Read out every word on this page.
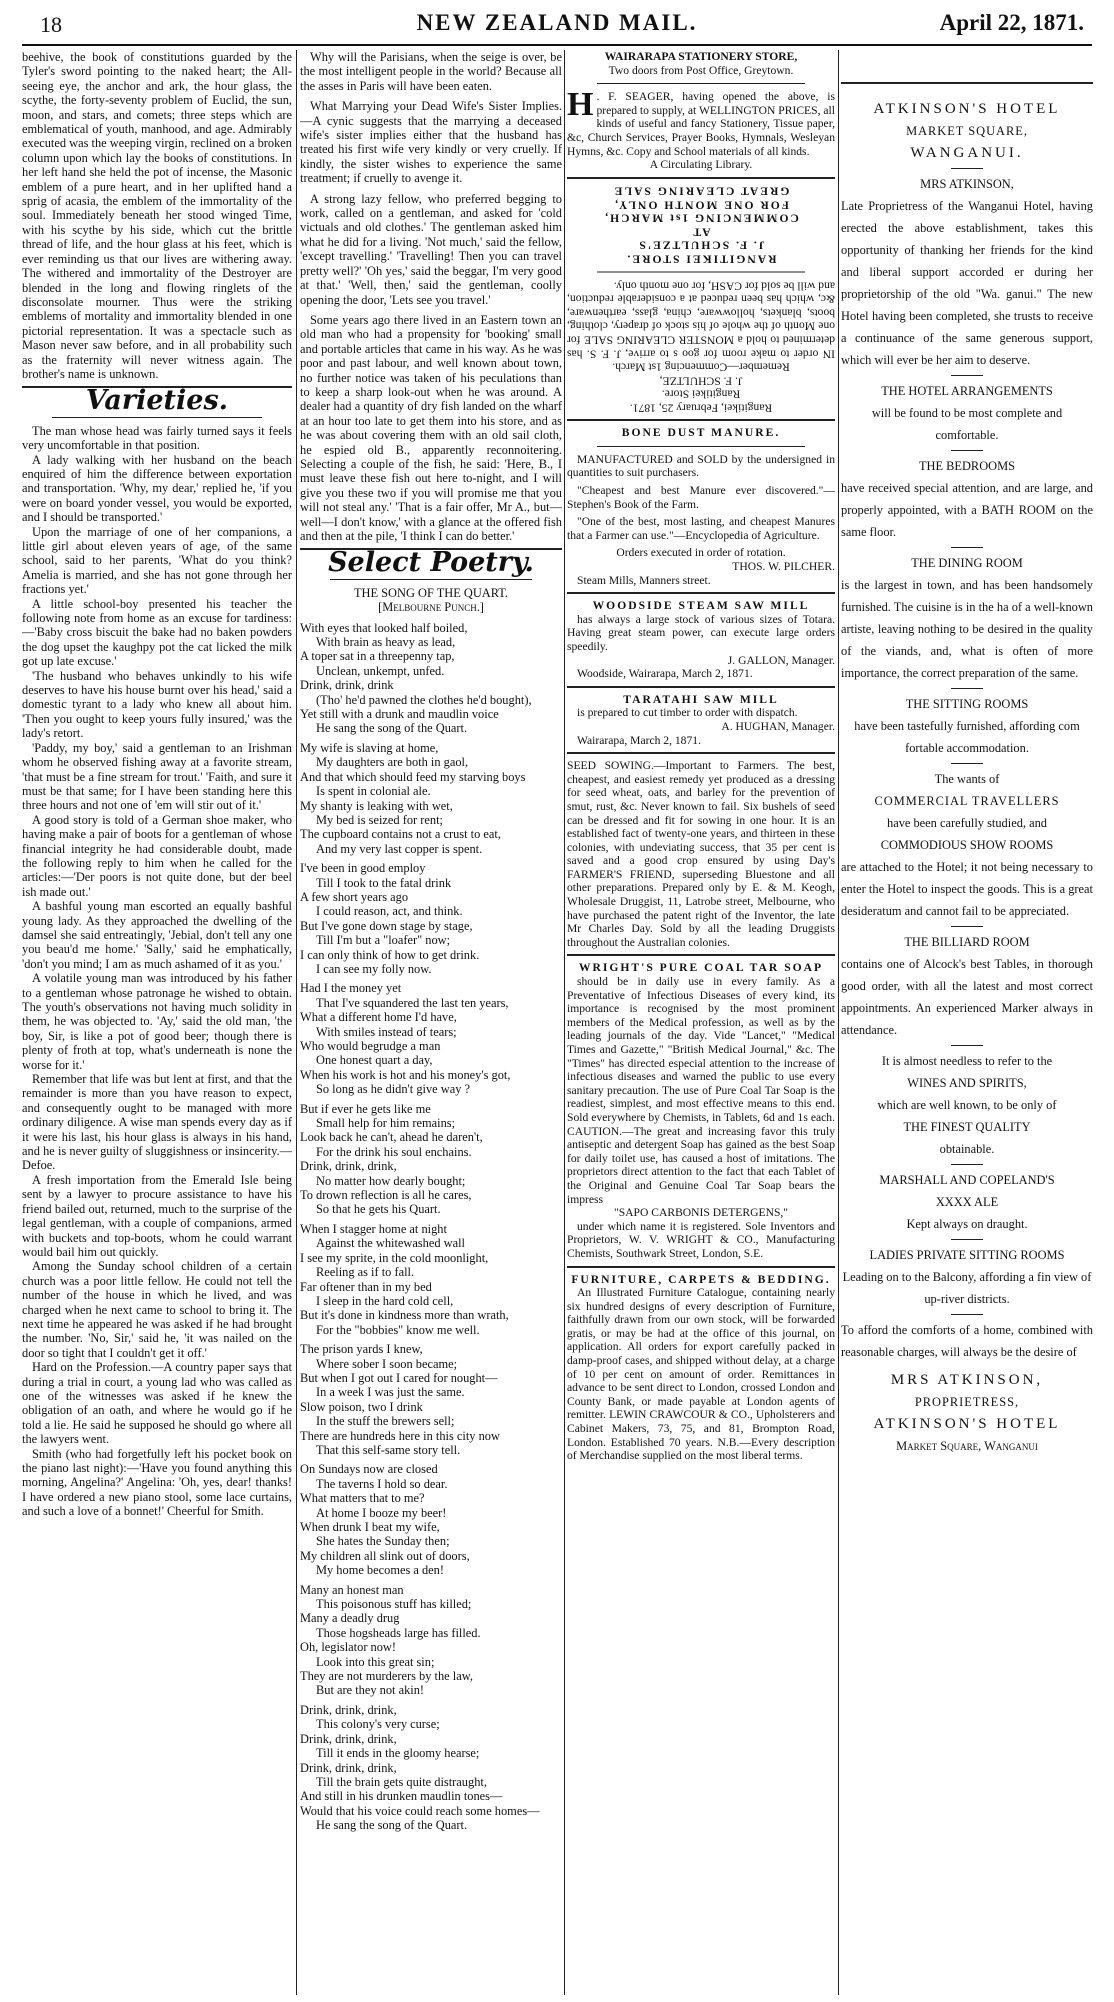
18	NEW ZEALAND MAIL.	April 22, 1871.

beehive, the book of constitutions guarded by the Tyler's sword pointing to the naked heart; the All-seeing eye, the anchor and ark, the hour glass, the scythe, the forty-seventy problem of Euclid, the sun, moon, and stars, and comets; three steps which are emblematical of youth, manhood, and age. Admirably executed was the weeping virgin, reclined on a broken column upon which lay the books of constitutions. In her left hand she held the pot of incense, the Masonic emblem of a pure heart, and in her uplifted hand a sprig of acasia, the emblem of the immortality of the soul. Immediately beneath her stood winged Time, with his scythe by his side, which cut the brittle thread of life, and the hour glass at his feet, which is ever reminding us that our lives are withering away. The withered and immortality of the Destroyer are blended in the long and flowing ringlets of the disconsolate mourner. Thus were the striking emblems of mortality and immortality blended in one pictorial representation. It was a spectacle such as Mason never saw before, and in all probability such as the fraternity will never witness again. The brother's name is unknown.

Varieties.

The man whose head was fairly turned says it feels very uncomfortable in that position.

A lady walking with her husband on the beach enquired of him the difference between exportation and transportation. 'Why, my dear,' replied he, 'if you were on board yonder vessel, you would be exported, and I should be transported.'

Upon the marriage of one of her companions, a little girl about eleven years of age, of the same school, said to her parents, 'What do you think? Amelia is married, and she has not gone through her fractions yet.'

A little school-boy presented his teacher the following note from home as an excuse for tardiness:—'Baby cross biscuit the bake had no baken powders the dog upset the kaughpy pot the cat licked the milk got up late excuse.'

'The husband who behaves unkindly to his wife deserves to have his house burnt over his head,' said a domestic tyrant to a lady who knew all about him. 'Then you ought to keep yours fully insured,' was the lady's retort.

'Paddy, my boy,' said a gentleman to an Irishman whom he observed fishing away at a favorite stream, 'that must be a fine stream for trout.' 'Faith, and sure it must be that same; for I have been standing here this three hours and not one of 'em will stir out of it.'

A good story is told of a German shoe maker, who having make a pair of boots for a gentleman of whose financial integrity he had considerable doubt, made the following reply to him when he called for the articles:—'Der poors is not quite done, but der beel ish made out.'

A bashful young man escorted an equally bashful young lady. As they approached the dwelling of the damsel she said entreatingly, 'Jebial, don't tell any one you beau'd me home.' 'Sally,' said he emphatically, 'don't you mind; I am as much ashamed of it as you.'

A volatile young man was introduced by his father to a gentleman whose patronage he wished to obtain. The youth's observations not having much solidity in them, he was objected to. 'Ay,' said the old man, 'the boy, Sir, is like a pot of good beer; though there is plenty of froth at top, what's underneath is none the worse for it.'

Remember that life was but lent at first, and that the remainder is more than you have reason to expect, and consequently ought to be managed with more ordinary diligence. A wise man spends every day as if it were his last, his hour glass is always in his hand, and he is never guilty of sluggishness or insincerity.—Defoe.

A fresh importation from the Emerald Isle being sent by a lawyer to procure assistance to have his friend bailed out, returned, much to the surprise of the legal gentleman, with a couple of companions, armed with buckets and top-boots, whom he could warrant would bail him out quickly.

Among the Sunday school children of a certain church was a poor little fellow. He could not tell the number of the house in which he lived, and was charged when he next came to school to bring it. The next time he appeared he was asked if he had brought the number. 'No, Sir,' said he, 'it was nailed on the door so tight that I couldn't get it off.'

Hard on the Profession.—A country paper says that during a trial in court, a young lad who was called as one of the witnesses was asked if he knew the obligation of an oath, and where he would go if he told a lie. He said he supposed he should go where all the lawyers went.

Smith (who had forgetfully left his pocket book on the piano last night):—'Have you found anything this morning, Angelina?' Angelina: 'Oh, yes, dear! thanks! I have ordered a new piano stool, some lace curtains, and such a love of a bonnet!' Cheerful for Smith.

Why will the Parisians, when the seige is over, be the most intelligent people in the world? Because all the asses in Paris will have been eaten.

What Marrying your Dead Wife's Sister Implies.—A cynic suggests that the marrying a deceased wife's sister implies either that the husband has treated his first wife very kindly or very cruelly. If kindly, the sister wishes to experience the same treatment; if cruelly to avenge it.

A strong lazy fellow, who preferred begging to work, called on a gentleman, and asked for 'cold victuals and old clothes.' The gentleman asked him what he did for a living. 'Not much,' said the fellow, 'except travelling.' 'Travelling! Then you can travel pretty well?' 'Oh yes,' said the beggar, I'm very good at that.' 'Well, then,' said the gentleman, coolly opening the door, 'Lets see you travel.'

Some years ago there lived in an Eastern town an old man who had a propensity for 'booking' small and portable articles that came in his way. As he was poor and past labour, and well known about town, no further notice was taken of his peculations than to keep a sharp look-out when he was around. A dealer had a quantity of dry fish landed on the wharf at an hour too late to get them into his store, and as he was about covering them with an old sail cloth, he espied old B., apparently reconnoitering. Selecting a couple of the fish, he said: 'Here, B., I must leave these fish out here to-night, and I will give you these two if you will promise me that you will not steal any.' 'That is a fair offer, Mr A., but—well—I don't know,' with a glance at the offered fish and then at the pile, 'I think I can do better.'

Select Poetry.

THE SONG OF THE QUART.

[Melbourne Punch.]

With eyes that looked half boiled,

With brain as heavy as lead,

A toper sat in a threepenny tap,

Unclean, unkempt, unfed.

Drink, drink, drink

(Tho' he'd pawned the clothes he'd bought),

Yet still with a drunk and maudlin voice

He sang the song of the Quart.

My wife is slaving at home,

My daughters are both in gaol,

And that which should feed my starving boys

Is spent in colonial ale.

My shanty is leaking with wet,

My bed is seized for rent;

The cupboard contains not a crust to eat,

And my very last copper is spent.

I've been in good employ

Till I took to the fatal drink

A few short years ago

I could reason, act, and think.

But I've gone down stage by stage,

Till I'm but a "loafer" now;

I can only think of how to get drink.

I can see my folly now.

Had I the money yet

That I've squandered the last ten years,

What a different home I'd have,

With smiles instead of tears;

Who would begrudge a man

One honest quart a day,

When his work is hot and his money's got,

So long as he didn't give way ?

But if ever he gets like me

Small help for him remains;

Look back he can't, ahead he daren't,

For the drink his soul enchains.

Drink, drink, drink,

No matter how dearly bought;

To drown reflection is all he cares,

So that he gets his Quart.

When I stagger home at night

Against the whitewashed wall

I see my sprite, in the cold moonlight,

Reeling as if to fall.

Far oftener than in my bed

I sleep in the hard cold cell,

But it's done in kindness more than wrath,

For the "bobbies" know me well.

The prison yards I knew,

Where sober I soon became;

But when I got out I cared for nought—

In a week I was just the same.

Slow poison, two I drink

In the stuff the brewers sell;

There are hundreds here in this city now

That this self-same story tell.

On Sundays now are closed

The taverns I hold so dear.

What matters that to me?

At home I booze my beer!

When drunk I beat my wife,

She hates the Sunday then;

My children all slink out of doors,

My home becomes a den!

Many an honest man

This poisonous stuff has killed;

Many a deadly drug

Those hogsheads large has filled.

Oh, legislator now!

Look into this great sin;

They are not murderers by the law,

But are they not akin!

Drink, drink, drink,

This colony's very curse;

Drink, drink, drink,

Till it ends in the gloomy hearse;

Drink, drink, drink,

Till the brain gets quite distraught,

And still in his drunken maudlin tones—

Would that his voice could reach some homes—

He sang the song of the Quart.

WAIRARAPA STATIONERY STORE,
Two doors from Post Office, Greytown.

H . F. SEAGER, having opened the above, is prepared to supply, at WELLINGTON PRICES, all kinds of useful and fancy Stationery, Tissue paper, &c, Church Services, Prayer Books, Hymnals, Wesleyan Hymns, &c. Copy and School materials of all kinds.

A Circulating Library.
Rangitikei, February 25, 1871.
Rangitikei Store.
J. F. SCHULTZE,
Remember—Commencing 1st March.

IN order to make room for goo s to arrive, J. F. S. has determined to hold a MONSTER CLEARING SALE for one Month of the whole of his stock of drapery, clothing, boots, blankets, hollowware, china, glass, earthenware, &c, which has been reduced at a considerable reduction, and will be sold for CASH, for one month only.

RANGITIKEI STORE.
J. F. SCHULTZE'S
AT
COMMENCING 1st MARCH,
FOR ONE MONTH ONLY,
GREAT CLEARING SALE
BONE DUST MANURE.

MANUFACTURED and SOLD by the undersigned in quantities to suit purchasers.

"Cheapest and best Manure ever discovered."—Stephen's Book of the Farm.

"One of the best, most lasting, and cheapest Manures that a Farmer can use."—Encyclopedia of Agriculture.

Orders executed in order of rotation.

THOS. W. PILCHER.

Steam Mills, Manners street.

WOODSIDE STEAM SAW MILL

has always a large stock of various sizes of Totara. Having great steam power, can execute large orders speedily.

J. GALLON, Manager.

Woodside, Wairarapa, March 2, 1871.

TARATAHI SAW MILL

is prepared to cut timber to order with dispatch.

A. HUGHAN, Manager.

Wairarapa, March 2, 1871.

SEED SOWING.—Important to Farmers. The best, cheapest, and easiest remedy yet produced as a dressing for seed wheat, oats, and barley for the prevention of smut, rust, &c. Never known to fail. Six bushels of seed can be dressed and fit for sowing in one hour. It is an established fact of twenty-one years, and thirteen in these colonies, with undeviating success, that 35 per cent is saved and a good crop ensured by using Day's FARMER'S FRIEND, superseding Bluestone and all other preparations. Prepared only by E. & M. Keogh, Wholesale Druggist, 11, Latrobe street, Melbourne, who have purchased the patent right of the Inventor, the late Mr Charles Day. Sold by all the leading Druggists throughout the Australian colonies.

WRIGHT'S PURE COAL TAR SOAP

should be in daily use in every family. As a Preventative of Infectious Diseases of every kind, its importance is recognised by the most prominent members of the Medical profession, as well as by the leading journals of the day. Vide "Lancet," "Medical Times and Gazette," "British Medical Journal," &c. The "Times" has directed especial attention to the increase of infectious diseases and warned the public to use every sanitary precaution. The use of Pure Coal Tar Soap is the readiest, simplest, and most effective means to this end. Sold everywhere by Chemists, in Tablets, 6d and 1s each. CAUTION.—The great and increasing favor this truly antiseptic and detergent Soap has gained as the best Soap for daily toilet use, has caused a host of imitations. The proprietors direct attention to the fact that each Tablet of the Original and Genuine Coal Tar Soap bears the impress

"SAPO CARBONIS DETERGENS,"

under which name it is registered. Sole Inventors and Proprietors, W. V. WRIGHT & CO., Manufacturing Chemists, Southwark Street, London, S.E.

FURNITURE, CARPETS & BEDDING.

An Illustrated Furniture Catalogue, containing nearly six hundred designs of every description of Furniture, faithfully drawn from our own stock, will be forwarded gratis, or may be had at the office of this journal, on application. All orders for export carefully packed in damp-proof cases, and shipped without delay, at a charge of 10 per cent on amount of order. Remittances in advance to be sent direct to London, crossed London and County Bank, or made payable at London agents of remitter. LEWIN CRAWCOUR & CO., Upholsterers and Cabinet Makers, 73, 75, and 81, Brompton Road, London. Established 70 years. N.B.—Every description of Merchandise supplied on the most liberal terms.

ATKINSON'S HOTEL

MARKET SQUARE,

WANGANUI.

MRS ATKINSON,

Late Proprietress of the Wanganui Hotel, having erected the above establishment, takes this opportunity of thanking her friends for the kind and liberal support accorded er during her proprietorship of the old "Wa. ganui." The new Hotel having been completed, she trusts to receive a continuance of the same generous support, which will ever be her aim to deserve.

THE HOTEL ARRANGEMENTS

will be found to be most complete and comfortable.

THE BEDROOMS

have received special attention, and are large, and properly appointed, with a BATH ROOM on the same floor.

THE DINING ROOM

is the largest in town, and has been handsomely furnished. The cuisine is in the ha of a well-known artiste, leaving nothing to be desired in the quality of the viands, and, what is often of more importance, the correct preparation of the same.

THE SITTING ROOMS

have been tastefully furnished, affording com fortable accommodation.

The wants of

COMMERCIAL TRAVELLERS

have been carefully studied, and

COMMODIOUS SHOW ROOMS

are attached to the Hotel; it not being necessary to enter the Hotel to inspect the goods. This is a great desideratum and cannot fail to be appreciated.

THE BILLIARD ROOM

contains one of Alcock's best Tables, in thorough good order, with all the latest and most correct appointments. An experienced Marker always in attendance.

It is almost needless to refer to the

WINES AND SPIRITS,

which are well known, to be only of

THE FINEST QUALITY

obtainable.

MARSHALL AND COPELAND'S

XXXX ALE

Kept always on draught.

LADIES PRIVATE SITTING ROOMS

Leading on to the Balcony, affording a fin view of up-river districts.

To afford the comforts of a home, combined with reasonable charges, will always be the desire of

MRS ATKINSON,

PROPRIETRESS,

ATKINSON'S HOTEL

Market Square, Wanganui
